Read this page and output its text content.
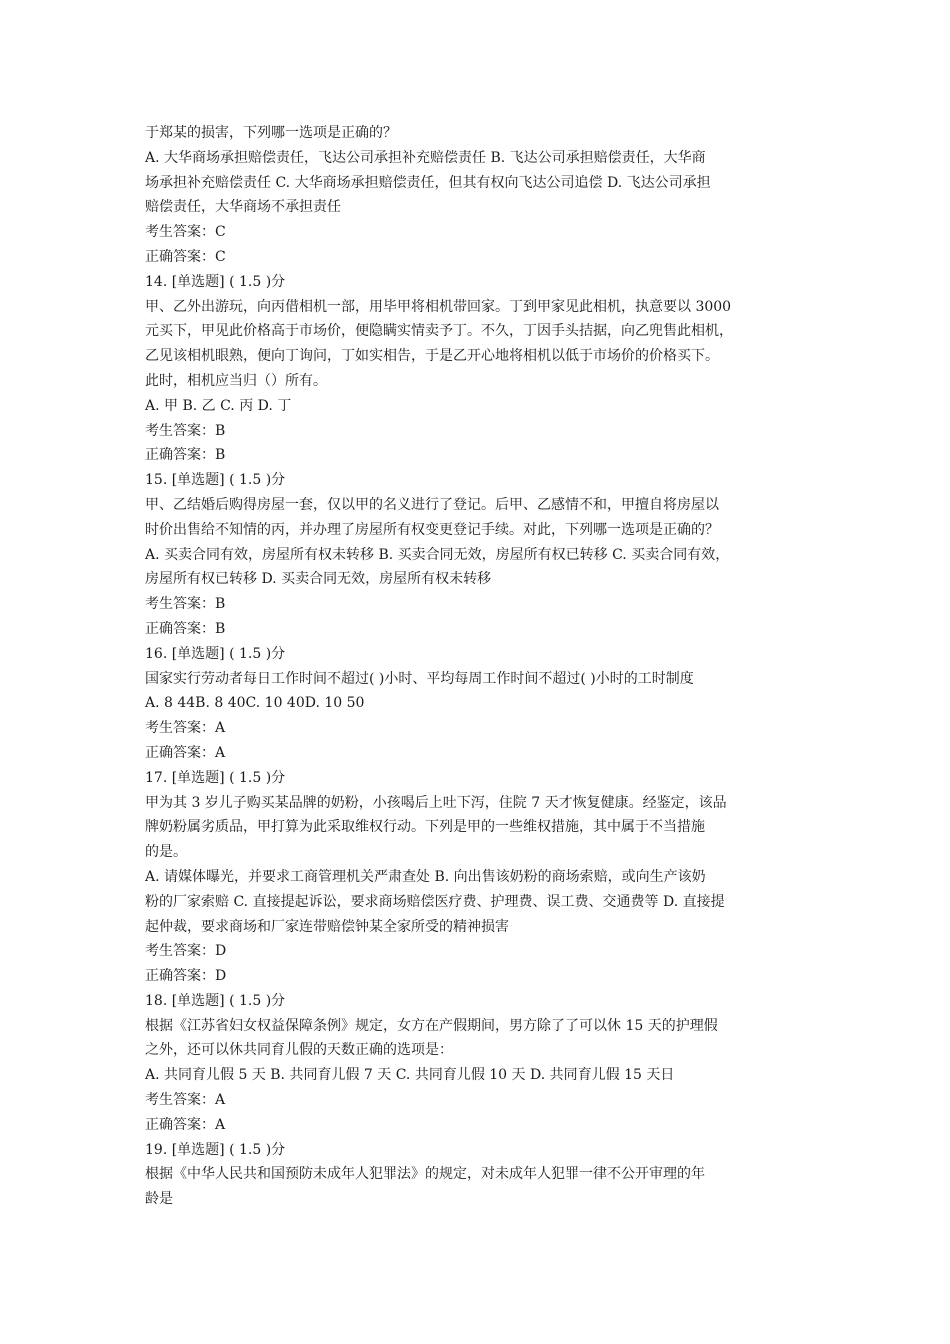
于郑某的损害，下列哪一选项是正确的？
A. 大华商场承担赔偿责任，飞达公司承担补充赔偿责任 B. 飞达公司承担赔偿责任，大华商
场承担补充赔偿责任 C. 大华商场承担赔偿责任，但其有权向飞达公司追偿 D. 飞达公司承担
赔偿责任，大华商场不承担责任
考生答案：C
正确答案：C
14. [单选题] ( 1.5 )分
甲、乙外出游玩，向丙借相机一部，用毕甲将相机带回家。丁到甲家见此相机，执意要以 3000
元买下，甲见此价格高于市场价，便隐瞒实情卖予丁。不久，丁因手头拮据，向乙兜售此相机，
乙见该相机眼熟，便向丁询问，丁如实相告，于是乙开心地将相机以低于市场价的价格买下。
此时，相机应当归（）所有。
A. 甲 B. 乙 C. 丙 D. 丁
考生答案：B
正确答案：B
15. [单选题] ( 1.5 )分
甲、乙结婚后购得房屋一套，仅以甲的名义进行了登记。后甲、乙感情不和，甲擅自将房屋以
时价出售给不知情的丙，并办理了房屋所有权变更登记手续。对此，下列哪一选项是正确的？
A. 买卖合同有效，房屋所有权未转移 B. 买卖合同无效，房屋所有权已转移 C. 买卖合同有效，
房屋所有权已转移 D. 买卖合同无效，房屋所有权未转移
考生答案：B
正确答案：B
16. [单选题] ( 1.5 )分
国家实行劳动者每日工作时间不超过( )小时、平均每周工作时间不超过( )小时的工时制度
A. 8 44B. 8 40C. 10 40D. 10 50
考生答案：A
正确答案：A
17. [单选题] ( 1.5 )分
甲为其 3 岁儿子购买某品牌的奶粉，小孩喝后上吐下泻，住院 7 天才恢复健康。经鉴定，该品
牌奶粉属劣质品，甲打算为此采取维权行动。下列是甲的一些维权措施，其中属于不当措施
的是。
A. 请媒体曝光，并要求工商管理机关严肃查处 B. 向出售该奶粉的商场索赔，或向生产该奶
粉的厂家索赔 C. 直接提起诉讼，要求商场赔偿医疗费、护理费、误工费、交通费等 D. 直接提
起仲裁，要求商场和厂家连带赔偿钟某全家所受的精神损害
考生答案：D
正确答案：D
18. [单选题] ( 1.5 )分
根据《江苏省妇女权益保障条例》规定，女方在产假期间，男方除了了可以休 15 天的护理假
之外，还可以休共同育儿假的天数正确的选项是：
A. 共同育儿假 5 天 B. 共同育儿假 7 天 C. 共同育儿假 10 天 D. 共同育儿假 15 天日
考生答案：A
正确答案：A
19. [单选题] ( 1.5 )分
根据《中华人民共和国预防未成年人犯罪法》的规定，对未成年人犯罪一律不公开审理的年
龄是
